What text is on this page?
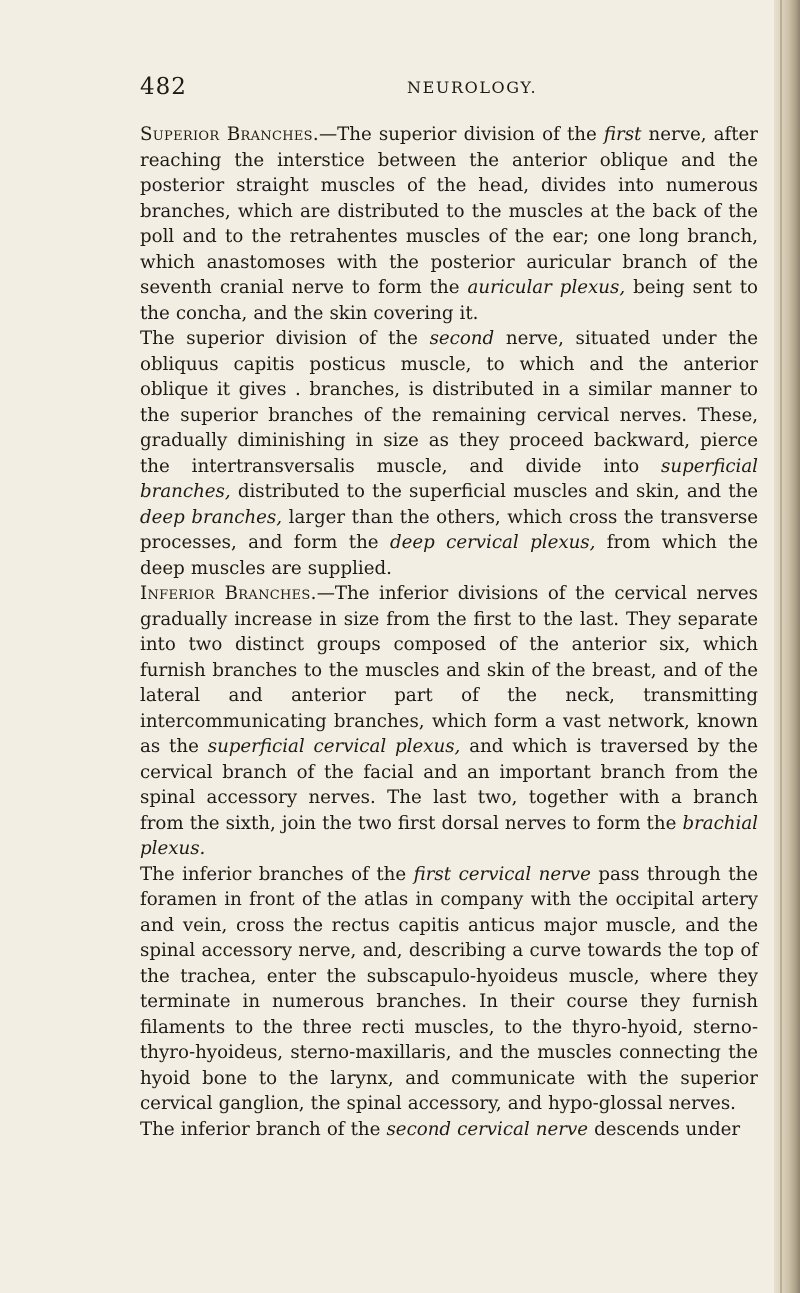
482	NEUROLOGY.

Superior Branches.—The superior division of the first nerve, after reaching the interstice between the anterior oblique and the posterior straight muscles of the head, divides into numerous branches, which are distributed to the muscles at the back of the poll and to the retrahentes muscles of the ear; one long branch, which anastomoses with the posterior auricular branch of the seventh cranial nerve to form the auricular plexus, being sent to the concha, and the skin covering it.

The superior division of the second nerve, situated under the obliquus capitis posticus muscle, to which and the anterior oblique it gives . branches, is distributed in a similar manner to the superior branches of the remaining cervical nerves. These, gradually diminishing in size as they proceed backward, pierce the intertransversalis muscle, and divide into superficial branches, distributed to the superficial muscles and skin, and the deep branches, larger than the others, which cross the transverse processes, and form the deep cervical plexus, from which the deep muscles are supplied.

Inferior Branches.—The inferior divisions of the cervical nerves gradually increase in size from the first to the last. They separate into two distinct groups composed of the anterior six, which furnish branches to the muscles and skin of the breast, and of the lateral and anterior part of the neck, transmitting intercommunicating branches, which form a vast network, known as the superficial cervical plexus, and which is traversed by the cervical branch of the facial and an important branch from the spinal accessory nerves. The last two, together with a branch from the sixth, join the two first dorsal nerves to form the brachial plexus.

The inferior branches of the first cervical nerve pass through the foramen in front of the atlas in company with the occipital artery and vein, cross the rectus capitis anticus major muscle, and the spinal accessory nerve, and, describing a curve towards the top of the trachea, enter the subscapulo-hyoideus muscle, where they terminate in numerous branches. In their course they furnish filaments to the three recti muscles, to the thyro-hyoid, sterno-thyro-hyoideus, sterno-maxillaris, and the muscles connecting the hyoid bone to the larynx, and communicate with the superior cervical ganglion, the spinal accessory, and hypo-glossal nerves.

The inferior branch of the second cervical nerve descends under
